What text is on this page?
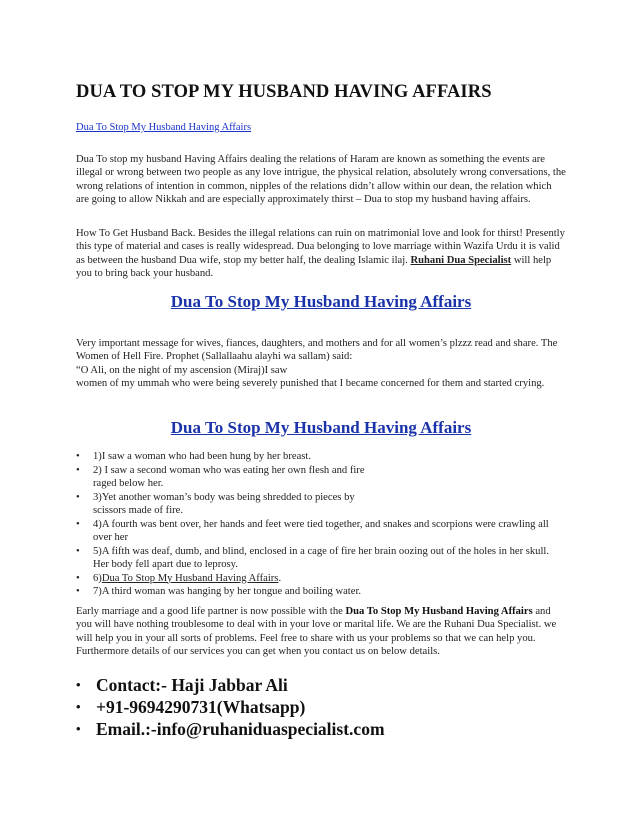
DUA TO STOP MY HUSBAND HAVING AFFAIRS
Dua To Stop My Husband Having Affairs

Dua To stop my husband Having Affairs dealing the relations of Haram are known as something the events are illegal or wrong between two people as any love intrigue, the physical relation, absolutely wrong conversations, the wrong relations of intention in common, nipples of the relations didn’t allow within our dean, the relation which are going to allow Nikkah and are especially approximately thirst – Dua to stop my husband having affairs.

How To Get Husband Back. Besides the illegal relations can ruin on matrimonial love and look for thirst! Presently this type of material and cases is really widespread. Dua belonging to love marriage within Wazifa Urdu it is valid as between the husband Dua wife, stop my better half, the dealing Islamic ilaj. Ruhani Dua Specialist will help you to bring back your husband.

Dua To Stop My Husband Having Affairs

Very important message for wives, fiances, daughters, and mothers and for all women’s plzzz read and share. The Women of Hell Fire. Prophet (Sallallaahu alayhi wa sallam) said:
“O Ali, on the night of my ascension (Miraj)I saw
women of my ummah who were being severely punished that I became concerned for them and started crying.

Dua To Stop My Husband Having Affairs
• 1)I saw a woman who had been hung by her breast.
• 2) I saw a second woman who was eating her own flesh and fire raged below her.
• 3)Yet another woman’s body was being shredded to pieces by scissors made of fire.
• 4)A fourth was bent over, her hands and feet were tied together, and snakes and scorpions were crawling all over her
• 5)A fifth was deaf, dumb, and blind, enclosed in a cage of fire her brain oozing out of the holes in her skull. Her body fell apart due to leprosy.
• 6)Dua To Stop My Husband Having Affairs.
• 7)A third woman was hanging by her tongue and boiling water.

Early marriage and a good life partner is now possible with the Dua To Stop My Husband Having Affairs and you will have nothing troublesome to deal with in your love or marital life. We are the Ruhani Dua Specialist. we will help you in your all sorts of problems. Feel free to share with us your problems so that we can help you. Furthermore details of our services you can get when you contact us on below details.

• Contact:- Haji Jabbar Ali
• +91-9694290731(Whatsapp)
• Email.:-info@ruhaniduaspecialist.com
